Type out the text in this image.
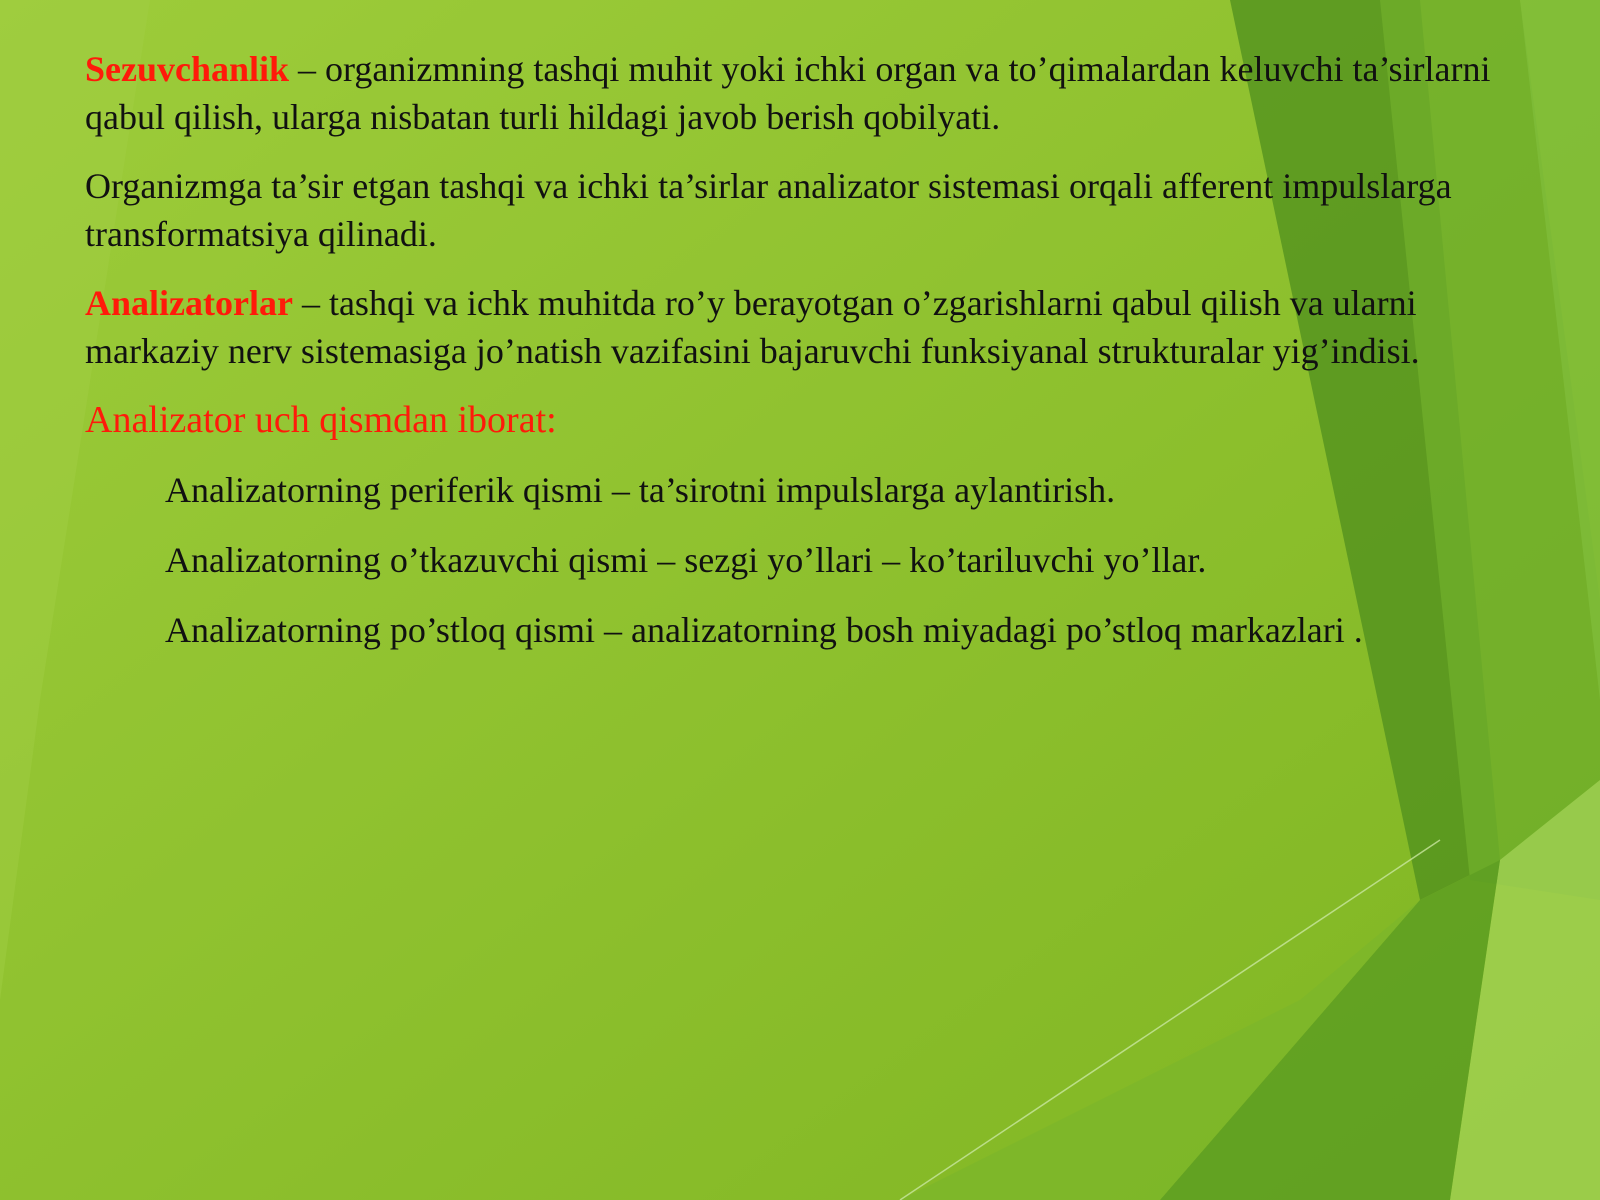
Sezuvchanlik – organizmning tashqi muhit yoki ichki organ va to’qimalardan keluvchi ta’sirlarni qabul qilish, ularga nisbatan turli hildagi javob berish qobilyati.

Organizmga ta’sir etgan tashqi va ichki ta’sirlar analizator sistemasi orqali afferent impulslarga transformatsiya qilinadi.

Analizatorlar – tashqi va ichk muhitda ro’y berayotgan o’zgarishlarni qabul qilish va ularni markaziy nerv sistemasiga jo’natish vazifasini bajaruvchi funksiyanal strukturalar yig’indisi.

Analizator uch qismdan iborat:

Analizatorning periferik qismi – ta’sirotni impulslarga aylantirish.
Analizatorning o’tkazuvchi qismi – sezgi yo’llari – ko’tariluvchi yo’llar.
Analizatorning po’stloq qismi – analizatorning bosh miyadagi po’stloq markazlari .
